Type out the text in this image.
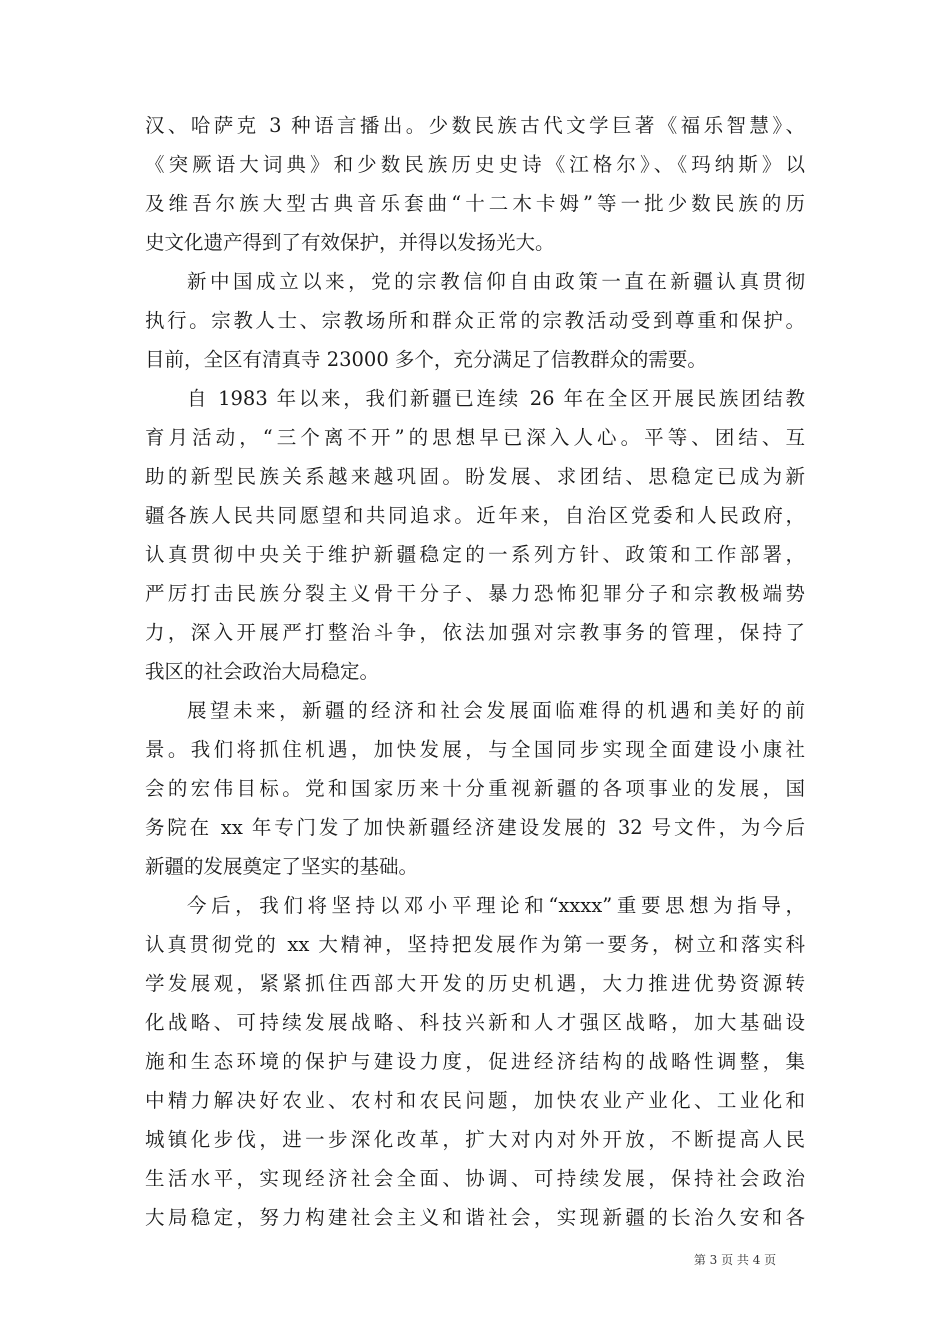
汉、哈萨克 3 种语言播出。少数民族古代文学巨著《福乐智慧》、
《突厥语大词典》和少数民族历史史诗《江格尔》、《玛纳斯》以
及维吾尔族大型古典音乐套曲“十二木卡姆”等一批少数民族的历
史文化遗产得到了有效保护，并得以发扬光大。
新中国成立以来，党的宗教信仰自由政策一直在新疆认真贯彻
执行。宗教人士、宗教场所和群众正常的宗教活动受到尊重和保护。
目前，全区有清真寺 23000 多个，充分满足了信教群众的需要。
自 1983 年以来，我们新疆已连续 26 年在全区开展民族团结教
育月活动，“三个离不开”的思想早已深入人心。平等、团结、互
助的新型民族关系越来越巩固。盼发展、求团结、思稳定已成为新
疆各族人民共同愿望和共同追求。近年来，自治区党委和人民政府，
认真贯彻中央关于维护新疆稳定的一系列方针、政策和工作部署，
严厉打击民族分裂主义骨干分子、暴力恐怖犯罪分子和宗教极端势
力，深入开展严打整治斗争，依法加强对宗教事务的管理，保持了
我区的社会政治大局稳定。
展望未来，新疆的经济和社会发展面临难得的机遇和美好的前
景。我们将抓住机遇，加快发展，与全国同步实现全面建设小康社
会的宏伟目标。党和国家历来十分重视新疆的各项事业的发展，国
务院在 xx 年专门发了加快新疆经济建设发展的 32 号文件，为今后
新疆的发展奠定了坚实的基础。
今后，我们将坚持以邓小平理论和“xxxx”重要思想为指导，
认真贯彻党的 xx 大精神，坚持把发展作为第一要务，树立和落实科
学发展观，紧紧抓住西部大开发的历史机遇，大力推进优势资源转
化战略、可持续发展战略、科技兴新和人才强区战略，加大基础设
施和生态环境的保护与建设力度，促进经济结构的战略性调整，集
中精力解决好农业、农村和农民问题，加快农业产业化、工业化和
城镇化步伐，进一步深化改革，扩大对内对外开放，不断提高人民
生活水平，实现经济社会全面、协调、可持续发展，保持社会政治
大局稳定，努力构建社会主义和谐社会，实现新疆的长治久安和各
第 3 页 共 4 页
